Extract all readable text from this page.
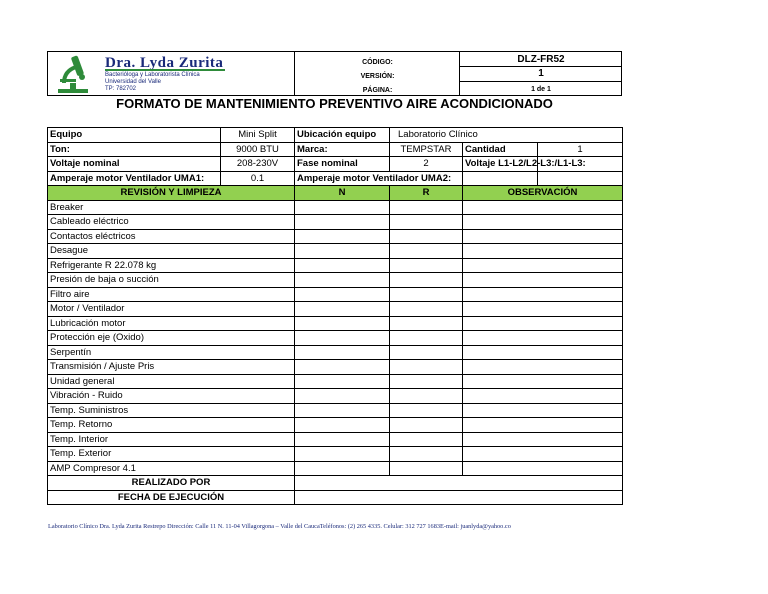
Dra. Lyda Zurita
Bacterióloga y Laboratorista Clínica
Universidad del Valle
TP: 782702
CÓDIGO:
VERSIÓN:
PÁGINA:
DLZ-FR52
1
1 de 1
FORMATO DE MANTENIMIENTO PREVENTIVO AIRE ACONDICIONADO
Equipo	Mini Split	Ubicación equipo	Laboratorio Clínico		
Ton:	9000 BTU	Marca:	TEMPSTAR	Cantidad	1
Voltaje nominal	208-230V	Fase nominal	2	Voltaje L1-L2/L2-L3:/L1-L3:	
Amperaje motor Ventilador UMA1:	0.1	Amperaje motor Ventilador UMA2:			
REVISIÓN Y LIMPIEZA		N	R	OBSERVACIÓN	
Breaker					
Cableado eléctrico					
Contactos eléctricos					
Desague					
Refrigerante R 22.078 kg					
Presión de baja o succión					
Filtro aire					
Motor / Ventilador					
Lubricación motor					
Protección eje (Oxido)					
Serpentín					
Transmisión / Ajuste Pris					
Unidad general					
Vibración - Ruido					
Temp. Suministros					
Temp. Retorno					
Temp. Interior					
Temp. Exterior					
AMP Compresor 4.1					
REALIZADO POR					
FECHA DE EJECUCIÓN					
Laboratorio Clínico Dra. Lyda Zurita Restrepo Dirección: Calle 11 N. 11-04 Villagorgona – Valle del CaucaTeléfonos: (2) 265 4335. Celular: 312 727 1683E-mail: juanlyda@yahoo.co
